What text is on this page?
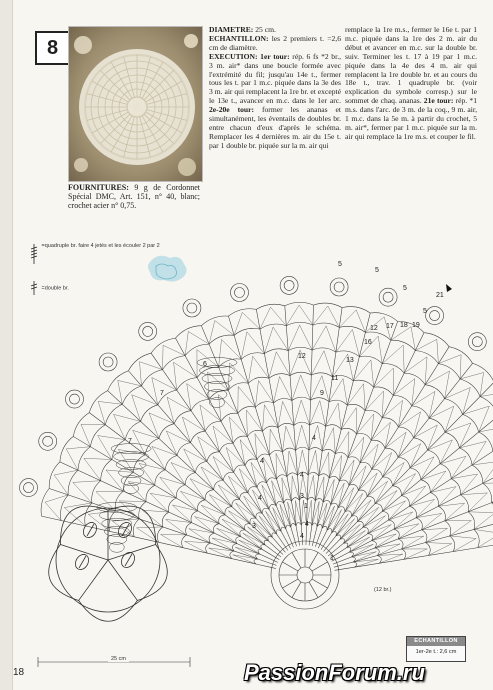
8
FOURNITURES: 9 g de Cordonnet Spécial DMC, Art. 151, n° 40, blanc; crochet acier n° 0,75.
DIAMETRE: 25 cm.
ECHANTILLON: les 2 premiers t. =2,6 cm de diamètre.
EXECUTION: 1er tour: rép. 6 fs *2 br., 3 m. air* dans une boucle formée avec l'extrémité du fil; jusqu'au 14e t., fermer tous les t. par 1 m.c. piquée dans la 3e des 3 m. air qui remplacent la 1re br. et excepté le 13e t., avancer en m.c. dans le 1er arc. 2e-20e tour: former les ananas et simultanément, les éventails de doubles br. entre chacun d'eux d'après le schéma. Remplacer les 4 dernières m. air du 15e t. par 1 double br. piquée sur la m. air qui
remplace la 1re m.s., fermer le 16e t. par 1 m.c. piquée dans la 1re des 2 m. air du début et avancer en m.c. sur la double br. suiv. Terminer les t. 17 à 19 par 1 m.c. piquée dans la 4e des 4 m. air qui remplacent la 1re double br. et au cours du 18e t., trav. 1 quadruple br. (voir explication du symbole corresp.) sur le sommet de chaq. ananas. 21e tour: rép. *1 m.s. dans l'arc. de 3 m. de la coq., 9 m. air, 1 m.c. dans la 5e m. à partir du crochet, 5 m. air*, fermer par 1 m.c. piquée sur la m. air qui remplace la 1re m.s. et couper le fil.
=quadruple br. faire 4 jetés et les écouler 2 par 2
=double br.
5
5
5
5
21
12 17 18 19
16
13
11
9
1
1
4
4
4
4
4
4
3
3
6
7
7
12
(12 br.)
25 cm
ECHANTILLON
1er-2e t.: 2,6 cm
18	PassionForum.ru
